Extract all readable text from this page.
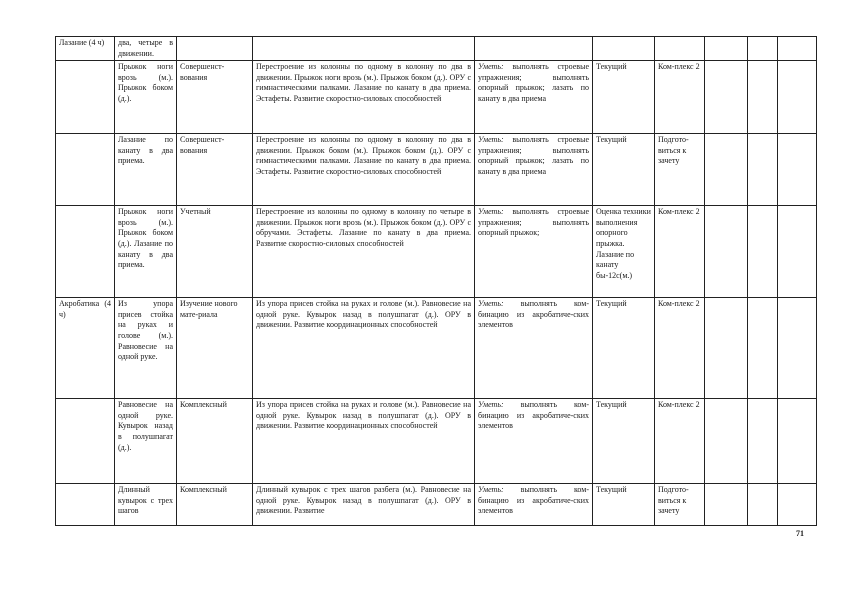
Лазание (4 ч)	два, четыре в движении.								
	Прыжок ноги врозь (м.). Прыжок боком (д.).	Совершенст-вования	Перестроение из колонны по одному в колонну по два в движении. Прыжок ноги врозь (м.). Прыжок боком (д.). ОРУ с гимнастическими палками. Лазание по канату в два приема. Эстафеты. Развитие скоростно-силовых способностей	Уметь: выполнять строевые упражнения; выполнять опорный прыжок; лазать по канату в два приема	Текущий	Ком-плекс 2			
	Лазание по канату в два приема.	Совершенст-вования	Перестроение из колонны по одному в колонну по два в движении. Прыжок боком (м.). Прыжок боком (д.). ОРУ с гимнастическими палками. Лазание по канату в два приема. Эстафеты. Развитие скоростно-силовых способностей	Уметь: выполнять строевые упражнения; выполнять опорный прыжок; лазать по канату в два приема	Текущий	Подгото-виться к зачету			
	Прыжок ноги врозь (м.). Прыжок боком (д.). Лазание по канату в два приема.	Учетный	Перестроение из колонны по одному в колонну по четыре в движении. Прыжок ноги врозь (м.). Прыжок боком (д.). ОРУ с обручами. Эстафеты. Лазание по канату в два приема. Развитие скоростно-силовых способностей	Уметь: выполнять строевые упражнения; выполнять опорный прыжок;	Оценка техники выполнения опорного прыжка. Лазание по канату бы-12с(м.)	Ком-плекс 2			
Акробатика (4 ч)	Из упора присев стойка на руках и голове (м.). Равновесие на одной руке.	Изучение нового мате-риала	Из упора присев стойка на руках и голове (м.). Равновесие на одной руке. Кувырок назад в полушпагат (д.). ОРУ в движении. Развитие координационных способностей	Уметь: выполнять ком-бинацию из акробатиче-ских элементов	Текущий	Ком-плекс 2			
	Равновесие на одной руке. Кувырок назад в полушпагат (д.).	Комплексный	Из упора присев стойка на руках и голове (м.). Равновесие на одной руке. Кувырок назад в полушпагат (д.). ОРУ в движении. Развитие координационных способностей	Уметь: выполнять ком-бинацию из акробатиче-ских элементов	Текущий	Ком-плекс 2			
	Длинный кувырок с трех шагов	Комплексный	Длинный кувырок с трех шагов разбега (м.). Равновесие на одной руке. Кувырок назад в полушпагат (д.). ОРУ в движении. Развитие	Уметь: выполнять ком-бинацию из акробатиче-ских элементов	Текущий	Подгото-виться к зачету			
71
